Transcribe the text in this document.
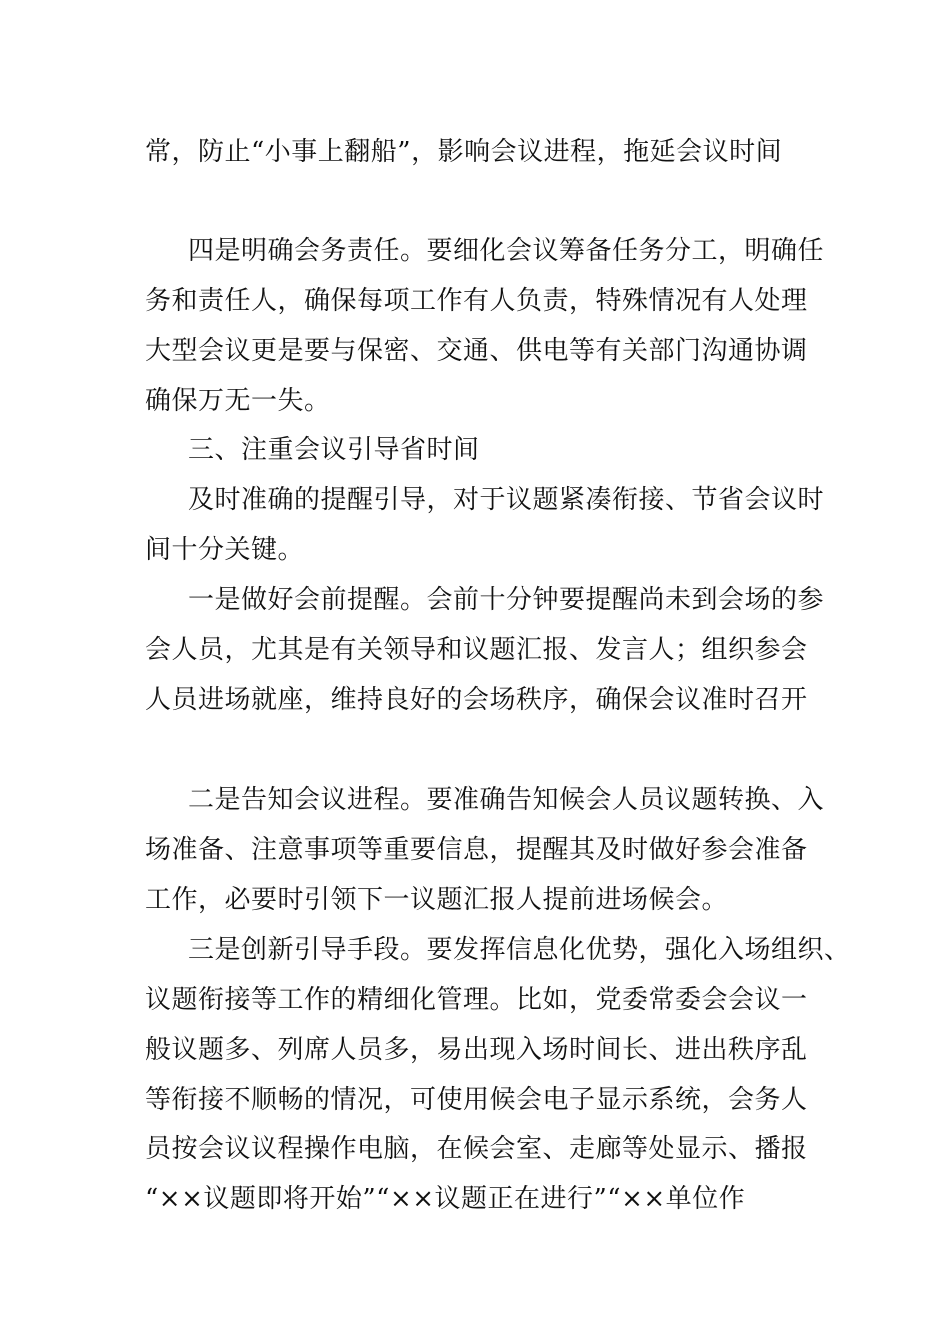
常，防止“小事上翻船”，影响会议进程，拖延会议时间
四是明确会务责任。要细化会议筹备任务分工，明确任
务和责任人，确保每项工作有人负责，特殊情况有人处理
大型会议更是要与保密、交通、供电等有关部门沟通协调
确保万无一失。
三、注重会议引导省时间
及时准确的提醒引导，对于议题紧凑衔接、节省会议时
间十分关键。
一是做好会前提醒。会前十分钟要提醒尚未到会场的参
会人员，尤其是有关领导和议题汇报、发言人；组织参会
人员进场就座，维持良好的会场秩序，确保会议准时召开
二是告知会议进程。要准确告知候会人员议题转换、入
场准备、注意事项等重要信息，提醒其及时做好参会准备
工作，必要时引领下一议题汇报人提前进场候会。
三是创新引导手段。要发挥信息化优势，强化入场组织、
议题衔接等工作的精细化管理。比如，党委常委会会议一
般议题多、列席人员多，易出现入场时间长、进出秩序乱
等衔接不顺畅的情况，可使用候会电子显示系统，会务人
员按会议议程操作电脑，在候会室、走廊等处显示、播报
“××议题即将开始”“××议题正在进行”“××单位作
